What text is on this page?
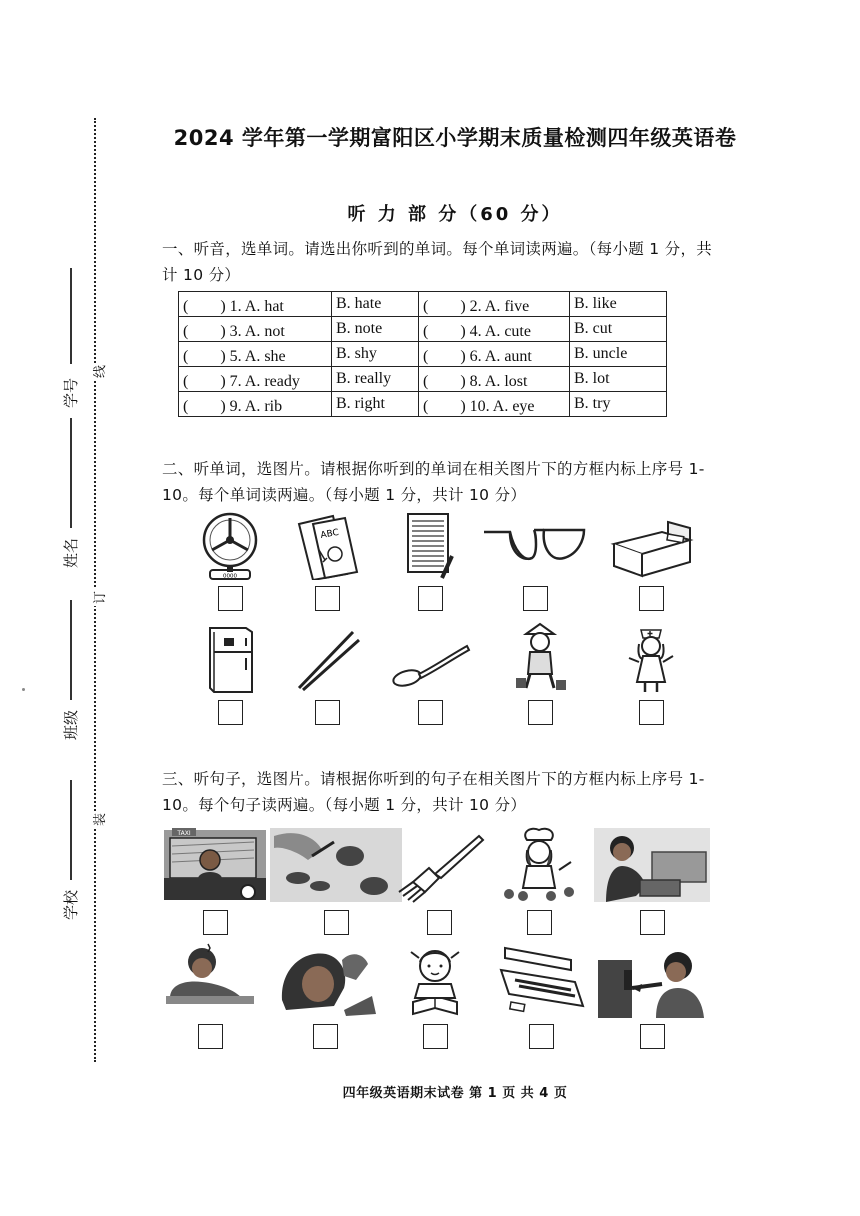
学号
姓名
班级
学校
线
订
装
2024 学年第一学期富阳区小学期末质量检测四年级英语卷
听 力 部 分（60 分）
一、听音，选单词。请选出你听到的单词。每个单词读两遍。（每小题 1 分，共计 10 分）
(　　) 1. A. hat	B. hate	(　　) 2. A. five	B. like
(　　) 3. A. not	B. note	(　　) 4. A. cute	B. cut
(　　) 5. A. she	B. shy	(　　) 6. A. aunt	B. uncle
(　　) 7. A. ready	B. really	(　　) 8. A. lost	B. lot
(　　) 9. A. rib	B. right	(　　) 10. A. eye	B. try
二、听单词，选图片。请根据你听到的单词在相关图片下的方框内标上序号 1-10。每个单词读两遍。（每小题 1 分，共计 10 分）
0000
ABC
三、听句子，选图片。请根据你听到的句子在相关图片下的方框内标上序号 1-10。每个句子读两遍。（每小题 1 分，共计 10 分）
TAXI
四年级英语期末试卷 第 1 页 共 4 页
